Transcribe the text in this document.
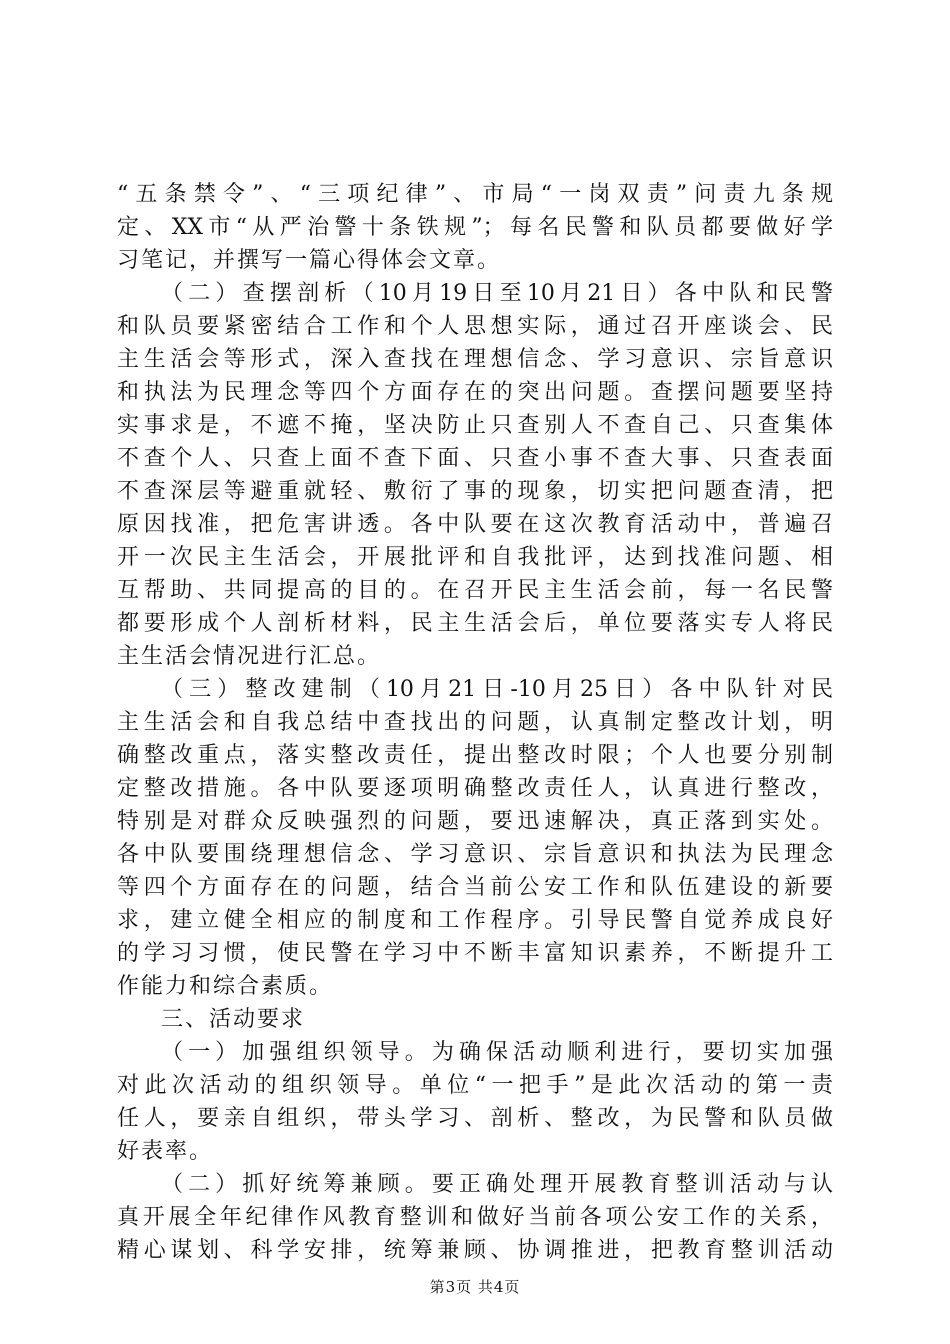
“五条禁令”、“三项纪律”、市局“一岗双责”问责九条规
定、XX市“从严治警十条铁规”；每名民警和队员都要做好学
习笔记，并撰写一篇心得体会文章。
（二）查摆剖析（10月19日至10月21日）各中队和民警
和队员要紧密结合工作和个人思想实际，通过召开座谈会、民
主生活会等形式，深入查找在理想信念、学习意识、宗旨意识
和执法为民理念等四个方面存在的突出问题。查摆问题要坚持
实事求是，不遮不掩，坚决防止只查别人不查自己、只查集体
不查个人、只查上面不查下面、只查小事不查大事、只查表面
不查深层等避重就轻、敷衍了事的现象，切实把问题查清，把
原因找准，把危害讲透。各中队要在这次教育活动中，普遍召
开一次民主生活会，开展批评和自我批评，达到找准问题、相
互帮助、共同提高的目的。在召开民主生活会前，每一名民警
都要形成个人剖析材料，民主生活会后，单位要落实专人将民
主生活会情况进行汇总。
（三）整改建制（10月21日-10月25日）各中队针对民
主生活会和自我总结中查找出的问题，认真制定整改计划，明
确整改重点，落实整改责任，提出整改时限；个人也要分别制
定整改措施。各中队要逐项明确整改责任人，认真进行整改，
特别是对群众反映强烈的问题，要迅速解决，真正落到实处。
各中队要围绕理想信念、学习意识、宗旨意识和执法为民理念
等四个方面存在的问题，结合当前公安工作和队伍建设的新要
求，建立健全相应的制度和工作程序。引导民警自觉养成良好
的学习习惯，使民警在学习中不断丰富知识素养，不断提升工
作能力和综合素质。
三、活动要求
（一）加强组织领导。为确保活动顺利进行，要切实加强
对此次活动的组织领导。单位“一把手”是此次活动的第一责
任人，要亲自组织，带头学习、剖析、整改，为民警和队员做
好表率。
（二）抓好统筹兼顾。要正确处理开展教育整训活动与认
真开展全年纪律作风教育整训和做好当前各项公安工作的关系，
精心谋划、科学安排，统筹兼顾、协调推进，把教育整训活动
第3页 共4页
